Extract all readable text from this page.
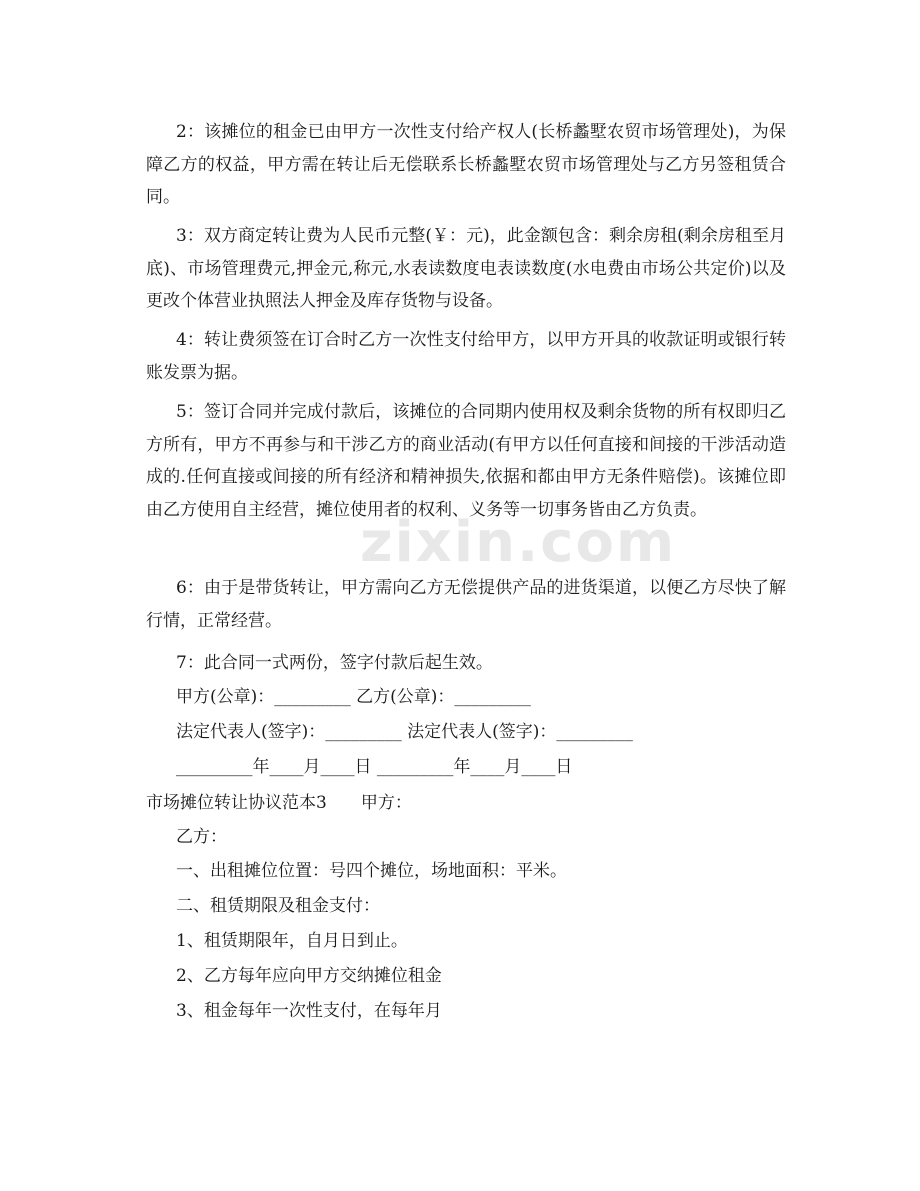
zixin.com

2：该摊位的租金已由甲方一次性支付给产权人(长桥蠡墅农贸市场管理处)，为保障乙方的权益，甲方需在转让后无偿联系长桥蠡墅农贸市场管理处与乙方另签租赁合同。

3：双方商定转让费为人民币元整(￥：元)，此金额包含：剩余房租(剩余房租至月底)、市场管理费元,押金元,称元,水表读数度电表读数度(水电费由市场公共定价)以及更改个体营业执照法人押金及库存货物与设备。

4：转让费须签在订合时乙方一次性支付给甲方，以甲方开具的收款证明或银行转账发票为据。

5：签订合同并完成付款后，该摊位的合同期内使用权及剩余货物的所有权即归乙方所有，甲方不再参与和干涉乙方的商业活动(有甲方以任何直接和间接的干涉活动造成的.任何直接或间接的所有经济和精神损失,依据和都由甲方无条件赔偿)。该摊位即由乙方使用自主经营，摊位使用者的权利、义务等一切事务皆由乙方负责。

6：由于是带货转让，甲方需向乙方无偿提供产品的进货渠道，以便乙方尽快了解行情，正常经营。

7：此合同一式两份，签字付款后起生效。
甲方(公章)：_________ 乙方(公章)：_________
法定代表人(签字)：_________ 法定代表人(签字)：_________
_________年____月____日 _________年____月____日
市场摊位转让协议范本3　　甲方：
乙方：
一、出租摊位位置：号四个摊位，场地面积：平米。
二、租赁期限及租金支付：
1、租赁期限年，自月日到止。
2、乙方每年应向甲方交纳摊位租金
3、租金每年一次性支付，在每年月
